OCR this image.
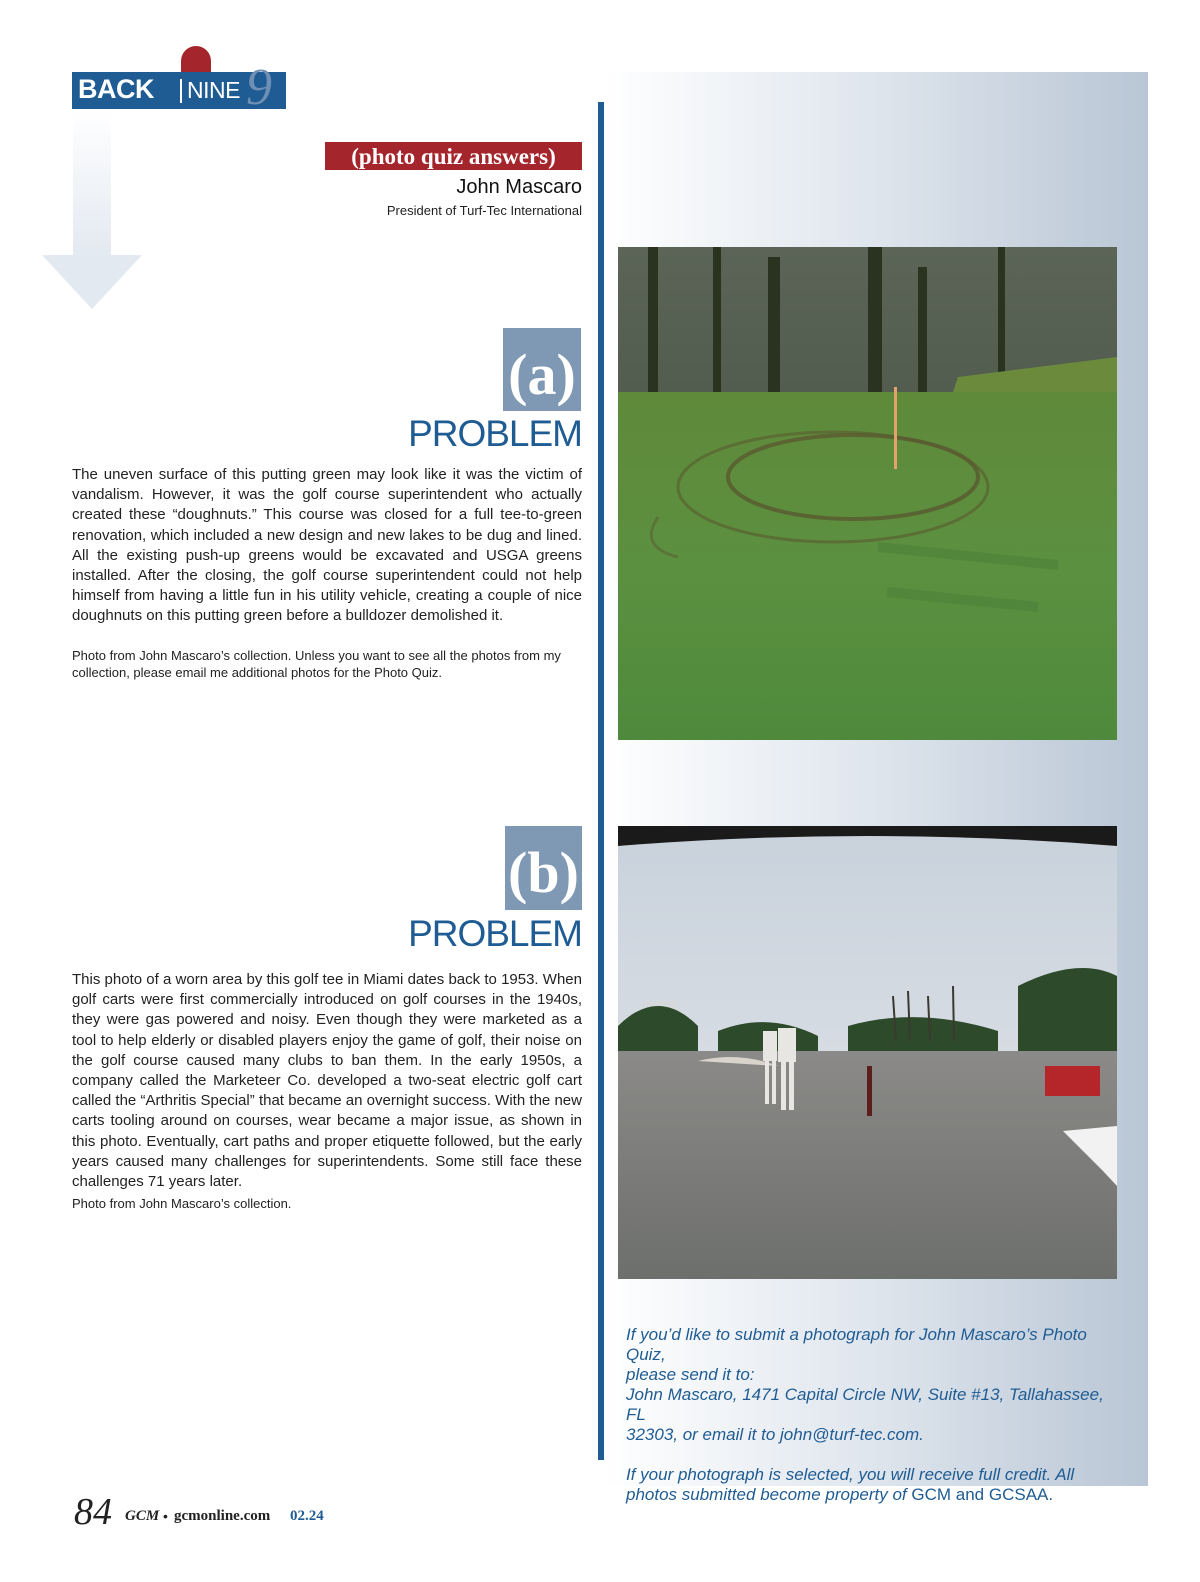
BACK NINE 9
(photo quiz answers)
John Mascaro
President of Turf-Tec International
(a)
PROBLEM
The uneven surface of this putting green may look like it was the victim of vandalism. However, it was the golf course superintendent who actually created these “doughnuts.” This course was closed for a full tee-to-green renovation, which included a new design and new lakes to be dug and lined. All the existing push-up greens would be excavated and USGA greens installed. After the closing, the golf course superintendent could not help himself from having a little fun in his utility vehicle, creating a couple of nice doughnuts on this putting green before a bulldozer demolished it.
Photo from John Mascaro’s collection. Unless you want to see all the photos from my collection, please email me additional photos for the Photo Quiz.
(b)
PROBLEM
This photo of a worn area by this golf tee in Miami dates back to 1953. When golf carts were first commercially introduced on golf courses in the 1940s, they were gas powered and noisy. Even though they were marketed as a tool to help elderly or disabled players enjoy the game of golf, their noise on the golf course caused many clubs to ban them. In the early 1950s, a company called the Marketeer Co. developed a two-seat electric golf cart called the “Arthritis Special” that became an overnight success. With the new carts tooling around on courses, wear became a major issue, as shown in this photo. Eventually, cart paths and proper etiquette followed, but the early years caused many challenges for superintendents. Some still face these challenges 71 years later.
Photo from John Mascaro’s collection.
If you’d like to submit a photograph for John Mascaro’s Photo Quiz,
please send it to:
John Mascaro, 1471 Capital Circle NW, Suite #13, Tallahassee, FL
32303, or email it to john@turf-tec.com.
If your photograph is selected, you will receive full credit. All photos submitted become property of GCM and GCSAA.
84 GCM • gcmonline.com 02.24
